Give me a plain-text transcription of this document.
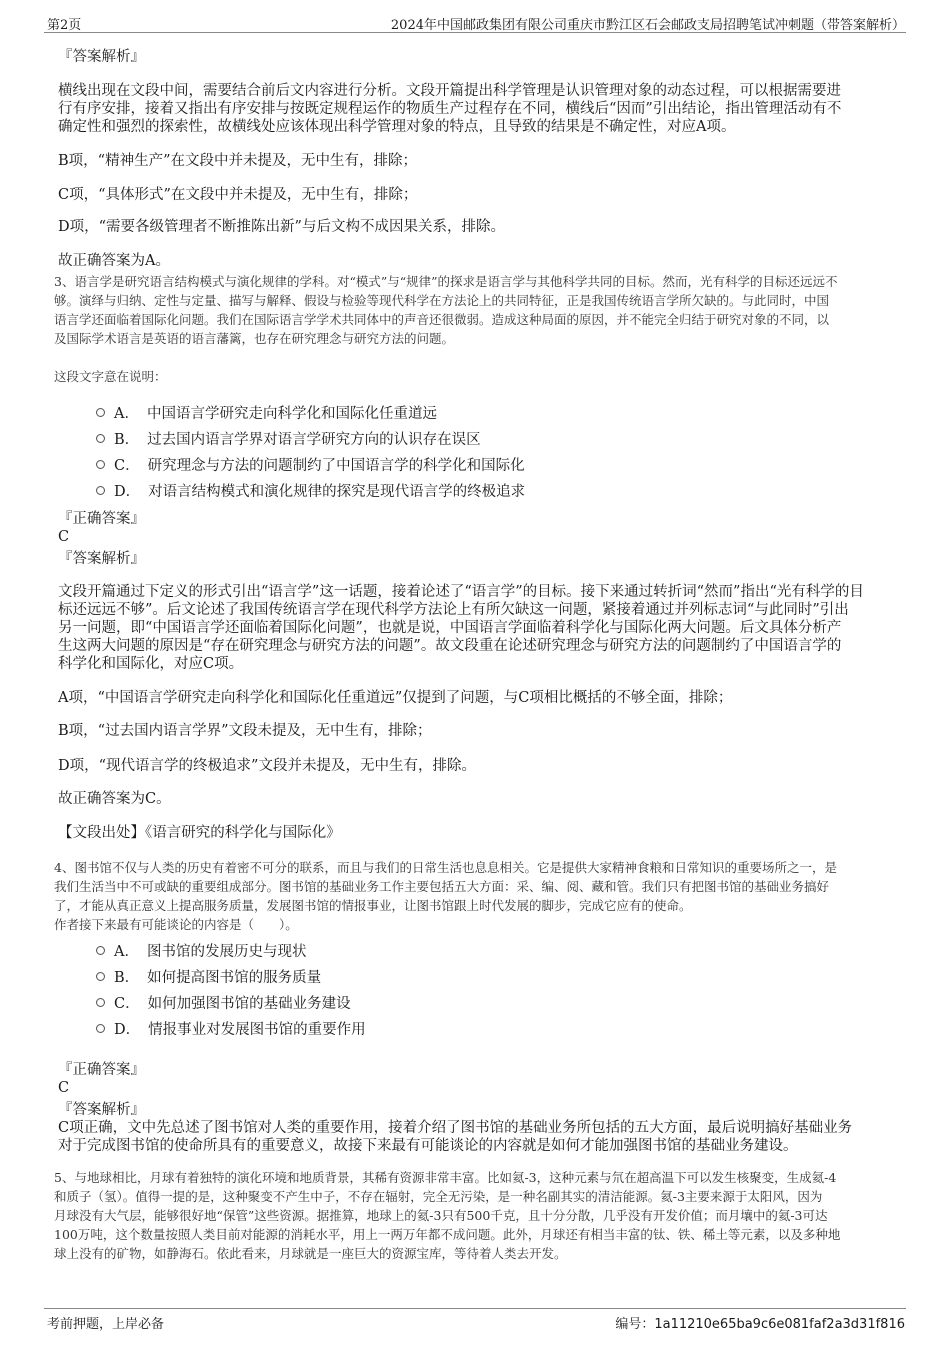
第2页	2024年中国邮政集团有限公司重庆市黔江区石会邮政支局招聘笔试冲刺题（带答案解析）
『答案解析』
横线出现在文段中间，需要结合前后文内容进行分析。文段开篇提出科学管理是认识管理对象的动态过程，可以根据需要进
行有序安排，接着又指出有序安排与按既定规程运作的物质生产过程存在不同，横线后“因而”引出结论，指出管理活动有不
确定性和强烈的探索性，故横线处应该体现出科学管理对象的特点，且导致的结果是不确定性，对应A项。
B项，“精神生产”在文段中并未提及，无中生有，排除；
C项，“具体形式”在文段中并未提及，无中生有，排除；
D项，“需要各级管理者不断推陈出新”与后文构不成因果关系，排除。
故正确答案为A。
3、语言学是研究语言结构模式与演化规律的学科。对“模式”与“规律”的探求是语言学与其他科学共同的目标。然而，光有科学的目标还远远不
够。演绎与归纳、定性与定量、描写与解释、假设与检验等现代科学在方法论上的共同特征，正是我国传统语言学所欠缺的。与此同时，中国
语言学还面临着国际化问题。我们在国际语言学学术共同体中的声音还很微弱。造成这种局面的原因，并不能完全归结于研究对象的不同，以
及国际学术语言是英语的语言藩篱，也存在研究理念与研究方法的问题。
这段文字意在说明：
A． 中国语言学研究走向科学化和国际化任重道远
B． 过去国内语言学界对语言学研究方向的认识存在误区
C． 研究理念与方法的问题制约了中国语言学的科学化和国际化
D． 对语言结构模式和演化规律的探究是现代语言学的终极追求
『正确答案』
C
『答案解析』
文段开篇通过下定义的形式引出“语言学”这一话题，接着论述了“语言学”的目标。接下来通过转折词“然而”指出“光有科学的目
标还远远不够”。后文论述了我国传统语言学在现代科学方法论上有所欠缺这一问题，紧接着通过并列标志词“与此同时”引出
另一问题，即“中国语言学还面临着国际化问题”，也就是说，中国语言学面临着科学化与国际化两大问题。后文具体分析产
生这两大问题的原因是“存在研究理念与研究方法的问题”。故文段重在论述研究理念与研究方法的问题制约了中国语言学的
科学化和国际化，对应C项。
A项，“中国语言学研究走向科学化和国际化任重道远”仅提到了问题，与C项相比概括的不够全面，排除；
B项，“过去国内语言学界”文段未提及，无中生有，排除；
D项，“现代语言学的终极追求”文段并未提及，无中生有，排除。
故正确答案为C。
【文段出处】《语言研究的科学化与国际化》
4、图书馆不仅与人类的历史有着密不可分的联系，而且与我们的日常生活也息息相关。它是提供大家精神食粮和日常知识的重要场所之一，是
我们生活当中不可或缺的重要组成部分。图书馆的基础业务工作主要包括五大方面：采、编、阅、藏和管。我们只有把图书馆的基础业务搞好
了，才能从真正意义上提高服务质量，发展图书馆的情报事业，让图书馆跟上时代发展的脚步，完成它应有的使命。
作者接下来最有可能谈论的内容是（　　）。
A． 图书馆的发展历史与现状
B． 如何提高图书馆的服务质量
C． 如何加强图书馆的基础业务建设
D． 情报事业对发展图书馆的重要作用
『正确答案』
C
『答案解析』
C项正确，文中先总述了图书馆对人类的重要作用，接着介绍了图书馆的基础业务所包括的五大方面，最后说明搞好基础业务
对于完成图书馆的使命所具有的重要意义，故接下来最有可能谈论的内容就是如何才能加强图书馆的基础业务建设。
5、与地球相比，月球有着独特的演化环境和地质背景，其稀有资源非常丰富。比如氦-3，这种元素与氘在超高温下可以发生核聚变，生成氦-4
和质子（氢）。值得一提的是，这种聚变不产生中子，不存在辐射，完全无污染，是一种名副其实的清洁能源。氦-3主要来源于太阳风，因为
月球没有大气层，能够很好地“保管”这些资源。据推算，地球上的氦-3只有500千克，且十分分散，几乎没有开发价值；而月壤中的氦-3可达
100万吨，这个数量按照人类目前对能源的消耗水平，用上一两万年都不成问题。此外，月球还有相当丰富的钛、铁、稀土等元素，以及多种地
球上没有的矿物，如静海石。依此看来，月球就是一座巨大的资源宝库，等待着人类去开发。
考前押题，上岸必备	编号：1a11210e65ba9c6e081faf2a3d31f816
